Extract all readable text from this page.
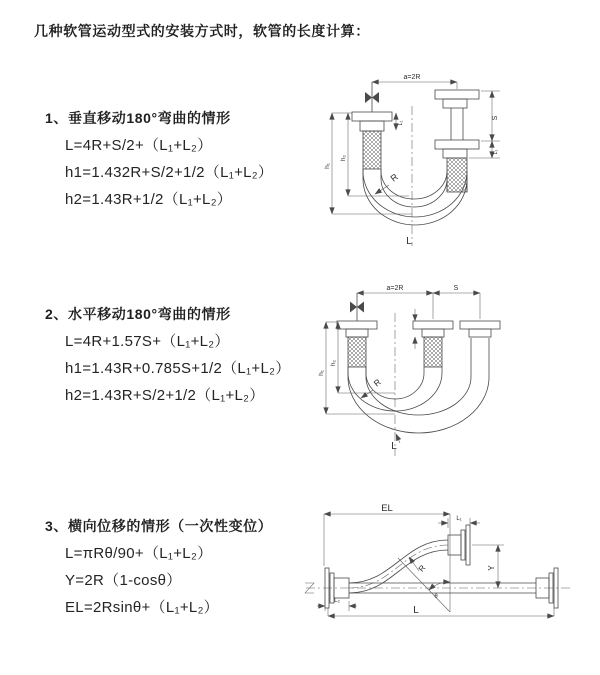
几种软管运动型式的安装方式时，软管的长度计算：
1、垂直移动180°弯曲的情形
L=4R+S/2+（L₁+L₂）
h1=1.432R+S/2+1/2（L₁+L₂）
h2=1.43R+1/2（L₁+L₂）
2、水平移动180°弯曲的情形
L=4R+1.57S+（L₁+L₂）
h1=1.43R+0.785S+1/2（L₁+L₂）
h2=1.43R+S/2+1/2（L₁+L₂）
3、横向位移的情形（一次性变位）
L=πRθ/90+（L₁+L₂）
Y=2R（1-cosθ）
EL=2Rsinθ+（L₁+L₂）
a=2R
S
L₁
h₁
h₂
L₁
R
L
a=2R	S
h₁
h₂
R
L
EL
L₁
Y
R
θ
L
L₂
